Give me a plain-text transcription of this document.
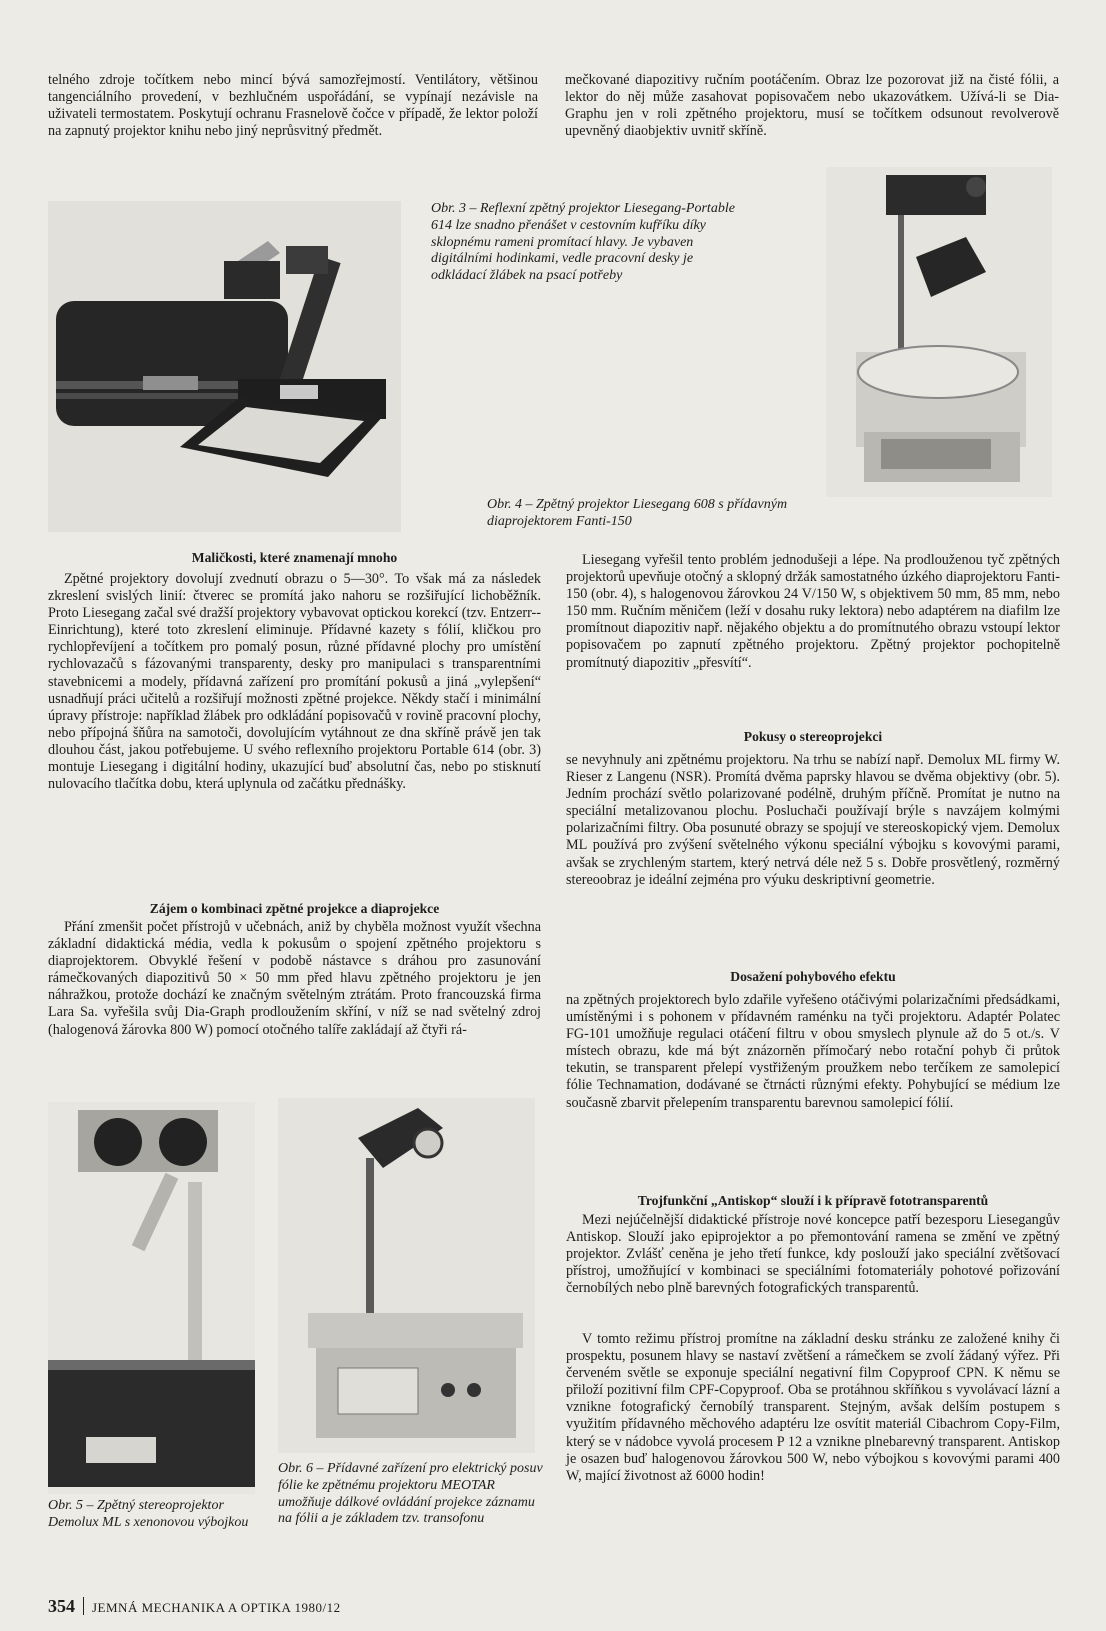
telného zdroje točítkem nebo mincí bývá samozřejmostí. Ventilátory, většinou tangenciálního provedení, v bezhlučném uspořádání, se vypínají nezávisle na uživateli termostatem. Poskytují ochranu Frasnelově čočce v případě, že lektor položí na zapnutý projektor knihu nebo jiný neprůsvitný předmět.
mečkované diapozitivy ručním pootáčením. Obraz lze pozorovat již na čisté fólii, a lektor do něj může zasahovat popisovačem nebo ukazovátkem. Užívá-li se Dia-Graphu jen v roli zpětného projektoru, musí se točítkem odsunout revolverově upevněný diaobjektiv uvnitř skříně.
Obr. 3 – Reflexní zpětný projektor Liesegang-Portable 614 lze snadno přenášet v cestovním kufříku díky sklopnému rameni promítací hlavy. Je vybaven digitálními hodinkami, vedle pracovní desky je odkládací žlábek na psací potřeby
Obr. 4 – Zpětný projektor Liesegang 608 s přídavným diaprojektorem Fanti-150
Maličkosti, které znamenají mnoho
Zpětné projektory dovolují zvednutí obrazu o 5—30°. To však má za následek zkreslení svislých linií: čtverec se promítá jako nahoru se rozšiřující lichoběžník. Proto Liesegang začal své dražší projektory vybavovat optickou korekcí (tzv. Entzerr--Einrichtung), které toto zkreslení eliminuje. Přídavné kazety s fólií, kličkou pro rychlopřevíjení a točítkem pro pomalý posun, různé přídavné plochy pro umístění rychlovazačů s fázovanými transparenty, desky pro manipulaci s transparentními stavebnicemi a modely, přídavná zařízení pro promítání pokusů a jiná „vylepšení“ usnadňují práci učitelů a rozšiřují možnosti zpětné projekce. Někdy stačí i minimální úpravy přístroje: například žlábek pro odkládání popisovačů v rovině pracovní plochy, nebo přípojná šňůra na samotoči, dovolujícím vytáhnout ze dna skříně právě jen tak dlouhou část, jakou potřebujeme. U svého reflexního projektoru Portable 614 (obr. 3) montuje Liesegang i digitální hodiny, ukazující buď absolutní čas, nebo po stisknutí nulovacího tlačítka dobu, která uplynula od začátku přednášky.
Zájem o kombinaci zpětné projekce a diaprojekce
Přání zmenšit počet přístrojů v učebnách, aniž by chyběla možnost využít všechna základní didaktická média, vedla k pokusům o spojení zpětného projektoru s diaprojektorem. Obvyklé řešení v podobě nástavce s dráhou pro zasunování rámečkovaných diapozitivů 50 × 50 mm před hlavu zpětného projektoru je jen náhražkou, protože dochází ke značným světelným ztrátám. Proto francouzská firma Lara Sa. vyřešila svůj Dia-Graph prodloužením skříní, v níž se nad světelný zdroj (halogenová žárovka 800 W) pomocí otočného talíře zakládají až čtyři rá-
Obr. 5 – Zpětný stereoprojektor Demolux ML s xenonovou výbojkou
Obr. 6 – Přídavné zařízení pro elektrický posuv fólie ke zpětnému projektoru MEOTAR umožňuje dálkové ovládání projekce záznamu na fólii a je základem tzv. transofonu
Liesegang vyřešil tento problém jednodušeji a lépe. Na prodlouženou tyč zpětných projektorů upevňuje otočný a sklopný držák samostatného úzkého diaprojektoru Fanti-150 (obr. 4), s halogenovou žárovkou 24 V/150 W, s objektivem 50 mm, 85 mm, nebo 150 mm. Ručním měničem (leží v dosahu ruky lektora) nebo adaptérem na diafilm lze promítnout diapozitiv např. nějakého objektu a do promítnutého obrazu vstoupí lektor popisovačem po zapnutí zpětného projektoru. Zpětný projektor pochopitelně promítnutý diapozitiv „přesvítí“.
Pokusy o stereoprojekci
se nevyhnuly ani zpětnému projektoru. Na trhu se nabízí např. Demolux ML firmy W. Rieser z Langenu (NSR). Promítá dvěma paprsky hlavou se dvěma objektivy (obr. 5). Jedním prochází světlo polarizované podélně, druhým příčně. Promítat je nutno na speciální metalizovanou plochu. Posluchači používají brýle s navzájem kolmými polarizačními filtry. Oba posunuté obrazy se spojují ve stereoskopický vjem. Demolux ML používá pro zvýšení světelného výkonu speciální výbojku s kovovými parami, avšak se zrychleným startem, který netrvá déle než 5 s. Dobře prosvětlený, rozměrný stereoobraz je ideální zejména pro výuku deskriptivní geometrie.
Dosažení pohybového efektu
na zpětných projektorech bylo zdařile vyřešeno otáčivými polarizačními předsádkami, umístěnými i s pohonem v přídavném raménku na tyči projektoru. Adaptér Polatec FG-101 umožňuje regulaci otáčení filtru v obou smyslech plynule až do 5 ot./s. V místech obrazu, kde má být znázorněn přímočarý nebo rotační pohyb či průtok tekutin, se transparent přelepí vystřiženým proužkem nebo terčíkem ze samolepicí fólie Technamation, dodávané se čtrnácti různými efekty. Pohybující se médium lze současně zbarvit přelepením transparentu barevnou samolepicí fólií.
Trojfunkční „Antiskop“ slouží i k přípravě fototransparentů
Mezi nejúčelnější didaktické přístroje nové koncepce patří bezesporu Liesegangův Antiskop. Slouží jako epiprojektor a po přemontování ramena se změní ve zpětný projektor. Zvlášť ceněna je jeho třetí funkce, kdy poslouží jako speciální zvětšovací přístroj, umožňující v kombinaci se speciálními fotomateriály pohotové pořizování černobílých nebo plně barevných fotografických transparentů.
V tomto režimu přístroj promítne na základní desku stránku ze založené knihy či prospektu, posunem hlavy se nastaví zvětšení a rámečkem se zvolí žádaný výřez. Při červeném světle se exponuje speciální negativní film Copyproof CPN. K němu se přiloží pozitivní film CPF-Copyproof. Oba se protáhnou skříňkou s vyvolávací lázní a vznikne fotografický černobílý transparent. Stejným, avšak delším postupem s využitím přídavného měchového adaptéru lze osvítit materiál Cibachrom Copy-Film, který se v nádobce vyvolá procesem P 12 a vznikne plnebarevný transparent. Antiskop je osazen buď halogenovou žárovkou 500 W, nebo výbojkou s kovovými parami 400 W, mající životnost až 6000 hodin!
354 JEMNÁ MECHANIKA A OPTIKA 1980/12
